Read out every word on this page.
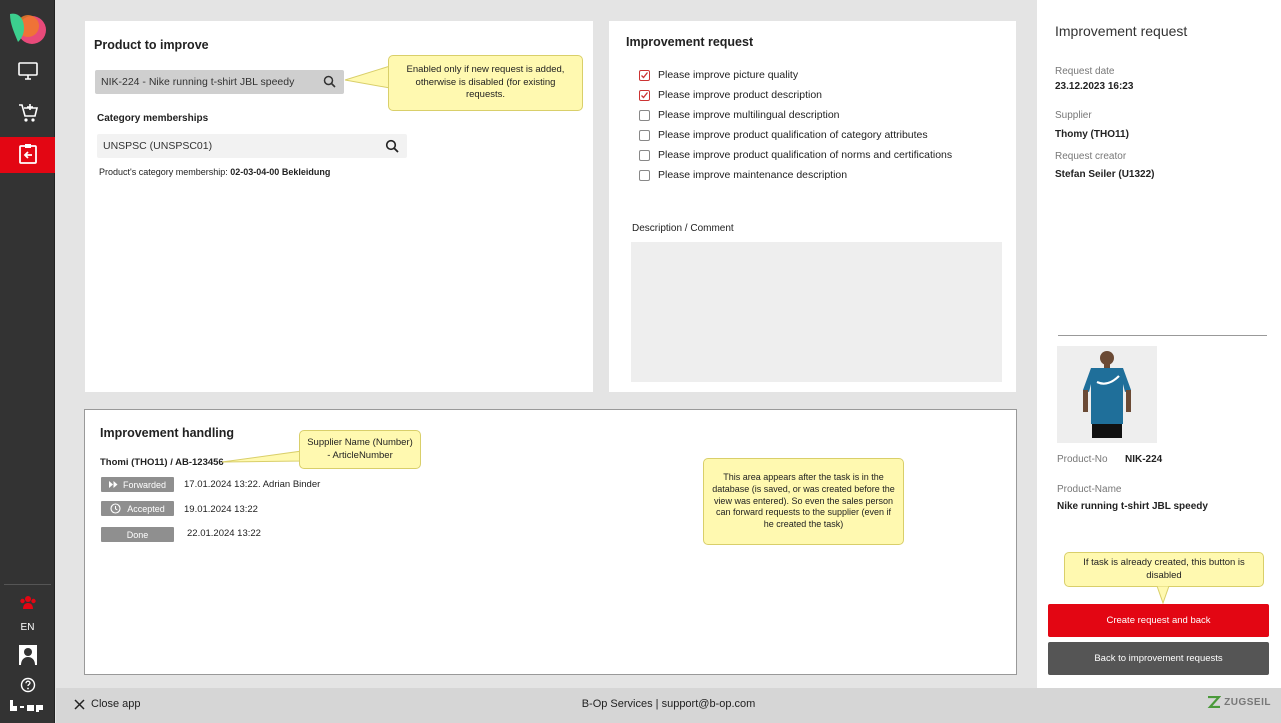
EN
Product to improve
NIK-224 - Nike running t-shirt JBL speedy
Category memberships
UNSPSC (UNSPSC01)
Product's category membership: 02-03-04-00 Bekleidung
Enabled only if new request is added, otherwise is disabled (for existing requests.
Improvement request
Please improve picture quality
Please improve product description
Please improve multilingual description
Please improve product qualification of category attributes
Please improve product qualification of norms and certifications
Please improve maintenance description
Description / Comment
Improvement handling
Thomi (THO11) / AB-123456
Forwarded 17.01.2024 13:22. Adrian Binder
Accepted 19.01.2024 13:22
Done	22.01.2024 13:22
Supplier Name (Number) - ArticleNumber
This area appears after the task is in the database (is saved, or was created before the view was entered). So even the sales person can forward requests to the supplier (even if he created the task)
Improvement request
Request date
23.12.2023 16:23
Supplier
Thomy (THO11)
Request creator
Stefan Seiler (U1322)
Product-No NIK-224
Product-Name
Nike running t-shirt JBL speedy
If task is already created, this button is disabled
Create request and back
Back to improvement requests
Close app	B-Op Services | support@b-op.com	ZUGSEIL
